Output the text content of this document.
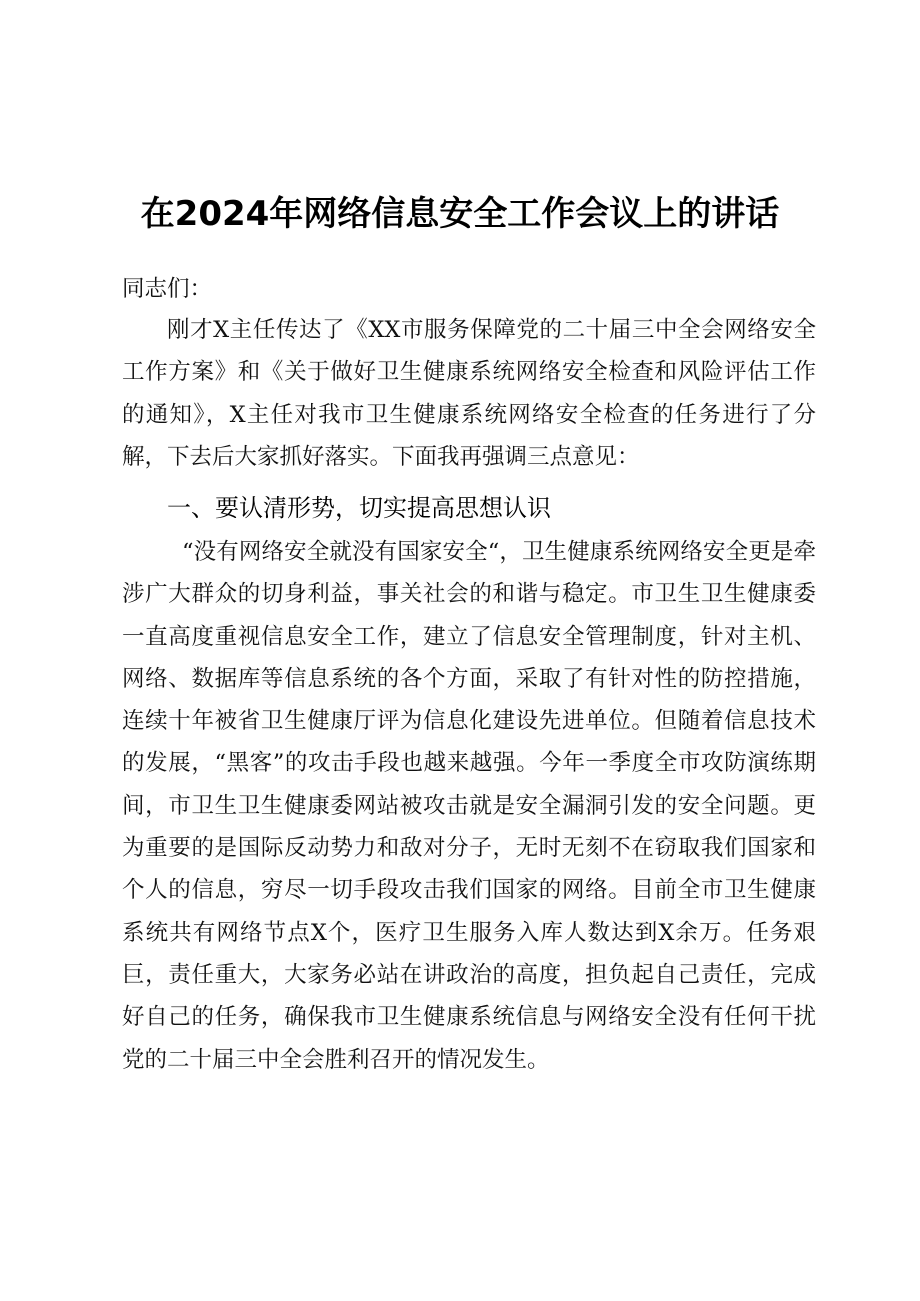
在2024年网络信息安全工作会议上的讲话
同志们：
刚才X主任传达了《XX市服务保障党的二十届三中全会网络安全工作方案》和《关于做好卫生健康系统网络安全检查和风险评估工作的通知》，X主任对我市卫生健康系统网络安全检查的任务进行了分解，下去后大家抓好落实。下面我再强调三点意见：
一、要认清形势，切实提高思想认识
“没有网络安全就没有国家安全“，卫生健康系统网络安全更是牵涉广大群众的切身利益，事关社会的和谐与稳定。市卫生卫生健康委一直高度重视信息安全工作，建立了信息安全管理制度，针对主机、网络、数据库等信息系统的各个方面，采取了有针对性的防控措施，连续十年被省卫生健康厅评为信息化建设先进单位。但随着信息技术的发展，“黑客”的攻击手段也越来越强。今年一季度全市攻防演练期间，市卫生卫生健康委网站被攻击就是安全漏洞引发的安全问题。更为重要的是国际反动势力和敌对分子，无时无刻不在窃取我们国家和个人的信息，穷尽一切手段攻击我们国家的网络。目前全市卫生健康系统共有网络节点X个，医疗卫生服务入库人数达到X余万。任务艰巨，责任重大，大家务必站在讲政治的高度，担负起自己责任，完成好自己的任务，确保我市卫生健康系统信息与网络安全没有任何干扰党的二十届三中全会胜利召开的情况发生。
